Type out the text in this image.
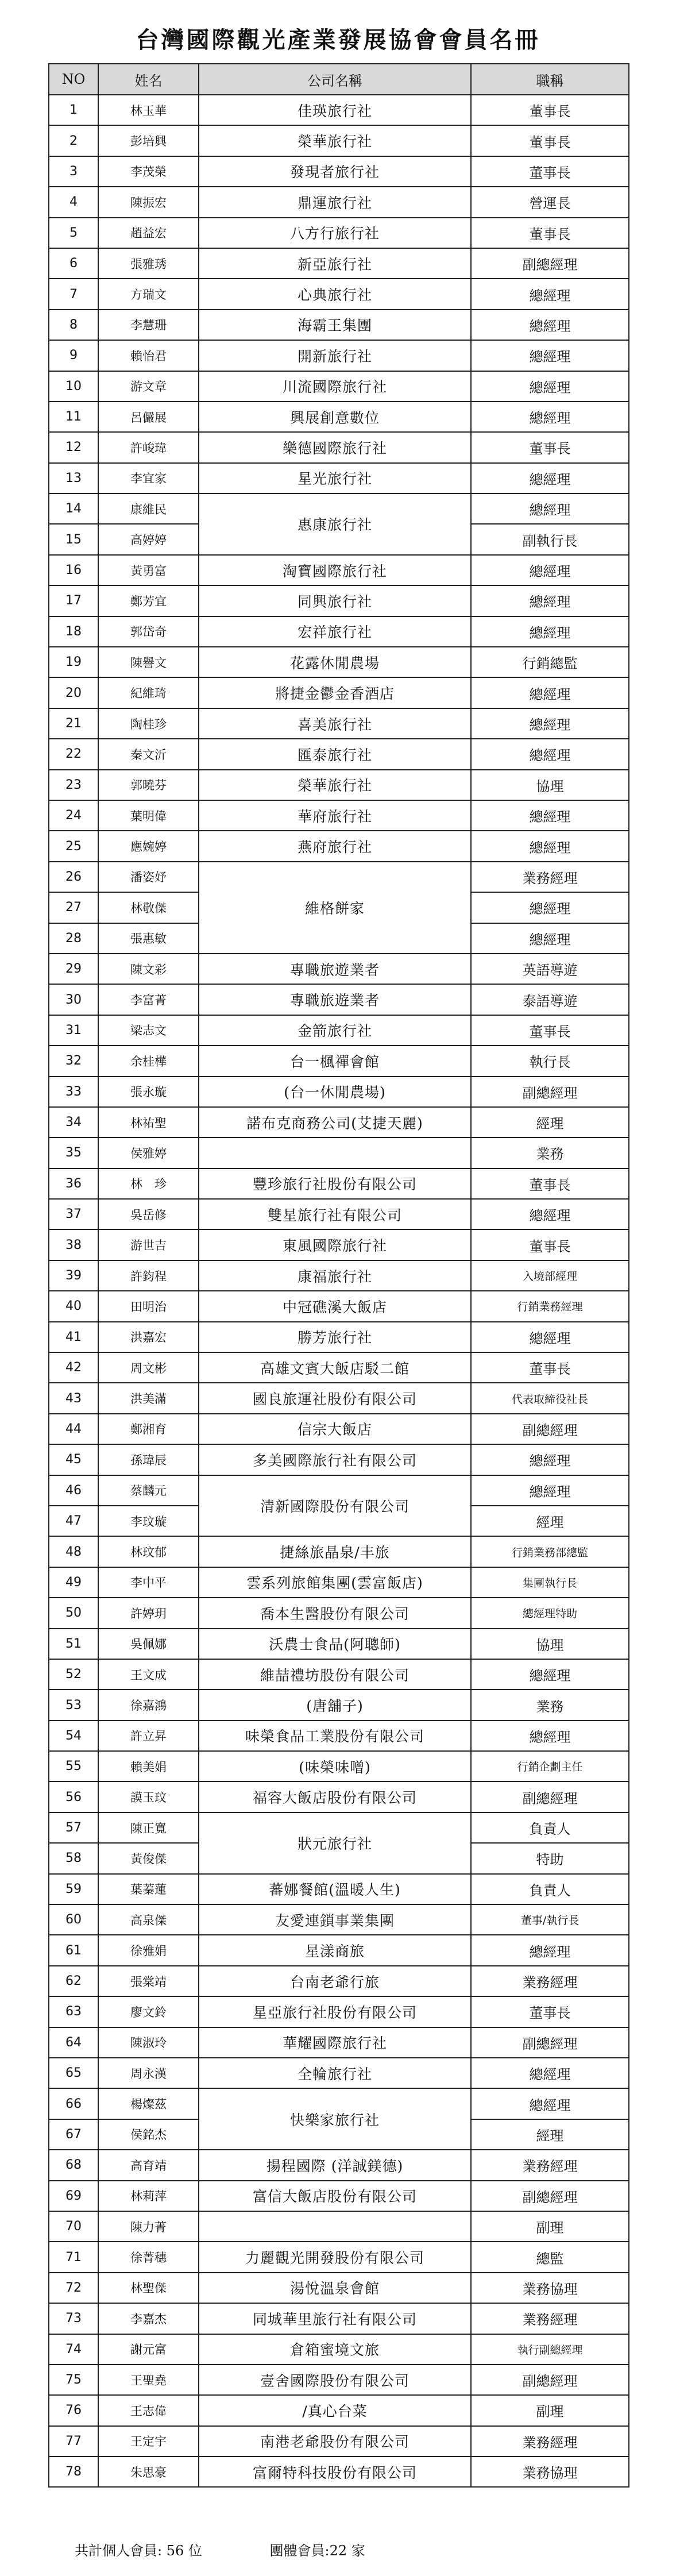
台灣國際觀光產業發展協會會員名冊
NO	姓名	公司名稱	職稱
1	林玉華	佳瑛旅行社	董事長
2	彭培興	榮華旅行社	董事長
3	李茂榮	發現者旅行社	董事長
4	陳振宏	鼎運旅行社	營運長
5	趙益宏	八方行旅行社	董事長
6	張雅琇	新亞旅行社	副總經理
7	方瑞文	心典旅行社	總經理
8	李慧珊	海霸王集團	總經理
9	賴怡君	開新旅行社	總經理
10	游文章	川流國際旅行社	總經理
11	呂儼展	興展創意數位	總經理
12	許峻瑋	樂德國際旅行社	董事長
13	李宜家	星光旅行社	總經理
14	康維民	惠康旅行社	總經理
15	高婷婷		副執行長
16	黃勇富	淘寶國際旅行社	總經理
17	鄭芳宜	同興旅行社	總經理
18	郭岱奇	宏祥旅行社	總經理
19	陳譽文	花露休閒農場	行銷總監
20	紀維琦	將捷金鬱金香酒店	總經理
21	陶桂珍	喜美旅行社	總經理
22	秦文沂	匯泰旅行社	總經理
23	郭曉芬	榮華旅行社	協理
24	葉明偉	華府旅行社	總經理
25	應婉婷	燕府旅行社	總經理
26	潘姿妤	維格餅家	業務經理
27	林敬傑		總經理
28	張惠敏		總經理
29	陳文彩	專職旅遊業者	英語導遊
30	李富菁	專職旅遊業者	泰語導遊
31	梁志文	金箭旅行社	董事長
32	余桂樺	台一楓禪會館	執行長
33	張永璇	(台一休閒農場)	副總經理
34	林祐聖	諾布克商務公司(艾捷天麗)	經理
35	侯雅婷		業務
36	林　珍	豐珍旅行社股份有限公司	董事長
37	吳岳修	雙星旅行社有限公司	總經理
38	游世吉	東風國際旅行社	董事長
39	許鈞程	康福旅行社	入境部經理
40	田明治	中冠礁溪大飯店	行銷業務經理
41	洪嘉宏	勝芳旅行社	總經理
42	周文彬	高雄文賓大飯店駁二館	董事長
43	洪美滿	國良旅運社股份有限公司	代表取締役社長
44	鄭湘育	信宗大飯店	副總經理
45	孫瑋辰	多美國際旅行社有限公司	總經理
46	蔡麟元	清新國際股份有限公司	總經理
47	李玟璇		經理
48	林玟郁	捷絲旅晶泉/丰旅	行銷業務部總監
49	李中平	雲系列旅館集團(雲富飯店)	集團執行長
50	許婷玥	喬本生醫股份有限公司	總經理特助
51	吳佩娜	沃農士食品(阿聰師)	協理
52	王文成	維喆禮坊股份有限公司	總經理
53	徐嘉鴻	(唐舖子)	業務
54	許立昇	味榮食品工業股份有限公司	總經理
55	賴美娟	(味榮味噌)	行銷企劃主任
56	謨玉玟	福容大飯店股份有限公司	副總經理
57	陳正寬	狀元旅行社	負責人
58	黃俊傑		特助
59	葉蓁蓮	蕃娜餐館(溫暖人生)	負責人
60	高泉傑	友愛連鎖事業集團	董事/執行長
61	徐雅娟	星漾商旅	總經理
62	張棠靖	台南老爺行旅	業務經理
63	廖文鈴	星亞旅行社股份有限公司	董事長
64	陳淑玲	華耀國際旅行社	副總經理
65	周永漢	全輪旅行社	總經理
66	楊燦茲	快樂家旅行社	總經理
67	侯銘杰		經理
68	高育靖	揚程國際 (洋誠鎂德)	業務經理
69	林莉萍	富信大飯店股份有限公司	副總經理
70	陳力菁		副理
71	徐菁穗	力麗觀光開發股份有限公司	總監
72	林聖傑	湯悅溫泉會館	業務協理
73	李嘉杰	同城華里旅行社有限公司	業務經理
74	謝元富	倉箱蜜境文旅	執行副總經理
75	王聖堯	壹舍國際股份有限公司	副總經理
76	王志偉	/真心台菜	副理
77	王定宇	南港老爺股份有限公司	業務經理
78	朱思豪	富爾特科技股份有限公司	業務協理
共計個人會員: 56 位	團體會員:22 家
